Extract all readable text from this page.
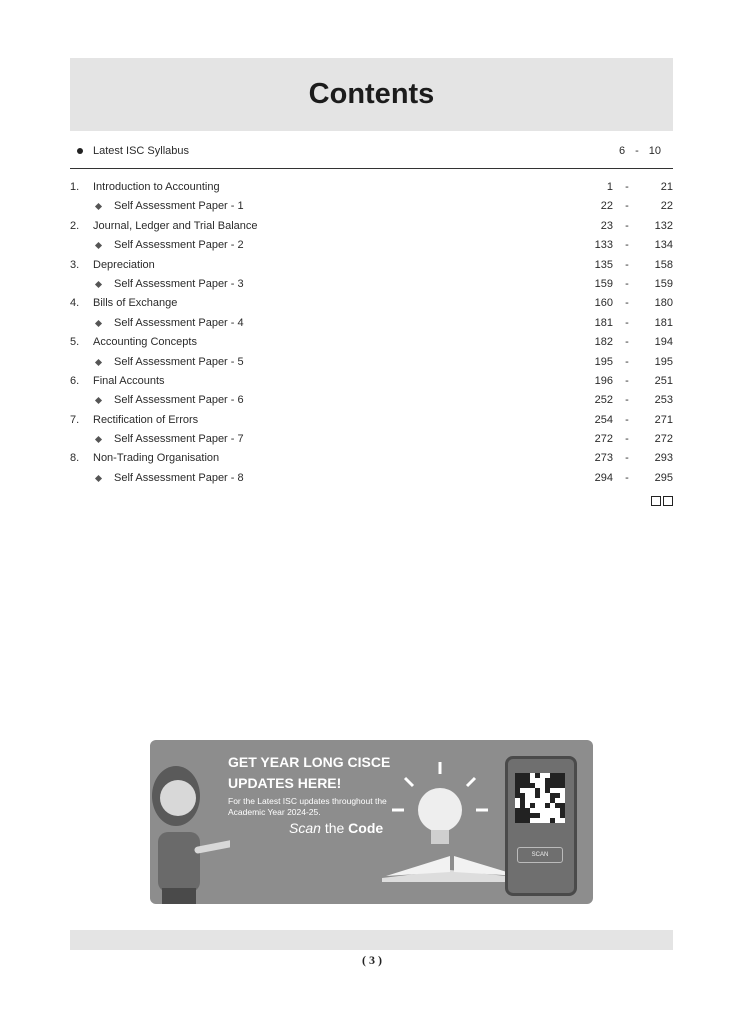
Contents
Latest ISC Syllabus	6 - 10
1. Introduction to Accounting	1	-	21
Self Assessment Paper - 1	22	-	22
2. Journal, Ledger and Trial Balance	23	-	132
Self Assessment Paper - 2	133	-	134
3. Depreciation	135	-	158
Self Assessment Paper - 3	159	-	159
4. Bills of Exchange	160	-	180
Self Assessment Paper - 4	181	-	181
5. Accounting Concepts	182	-	194
Self Assessment Paper - 5	195	-	195
6. Final Accounts	196	-	251
Self Assessment Paper - 6	252	-	253
7. Rectification of Errors	254	-	271
Self Assessment Paper - 7	272	-	272
8. Non-Trading Organisation	273	-	293
Self Assessment Paper - 8	294	-	295
SCAN
GET YEAR LONG CISCE UPDATES HERE!
For the Latest ISC updates throughout the Academic Year 2024-25.
Scan the Code
( 3 )
